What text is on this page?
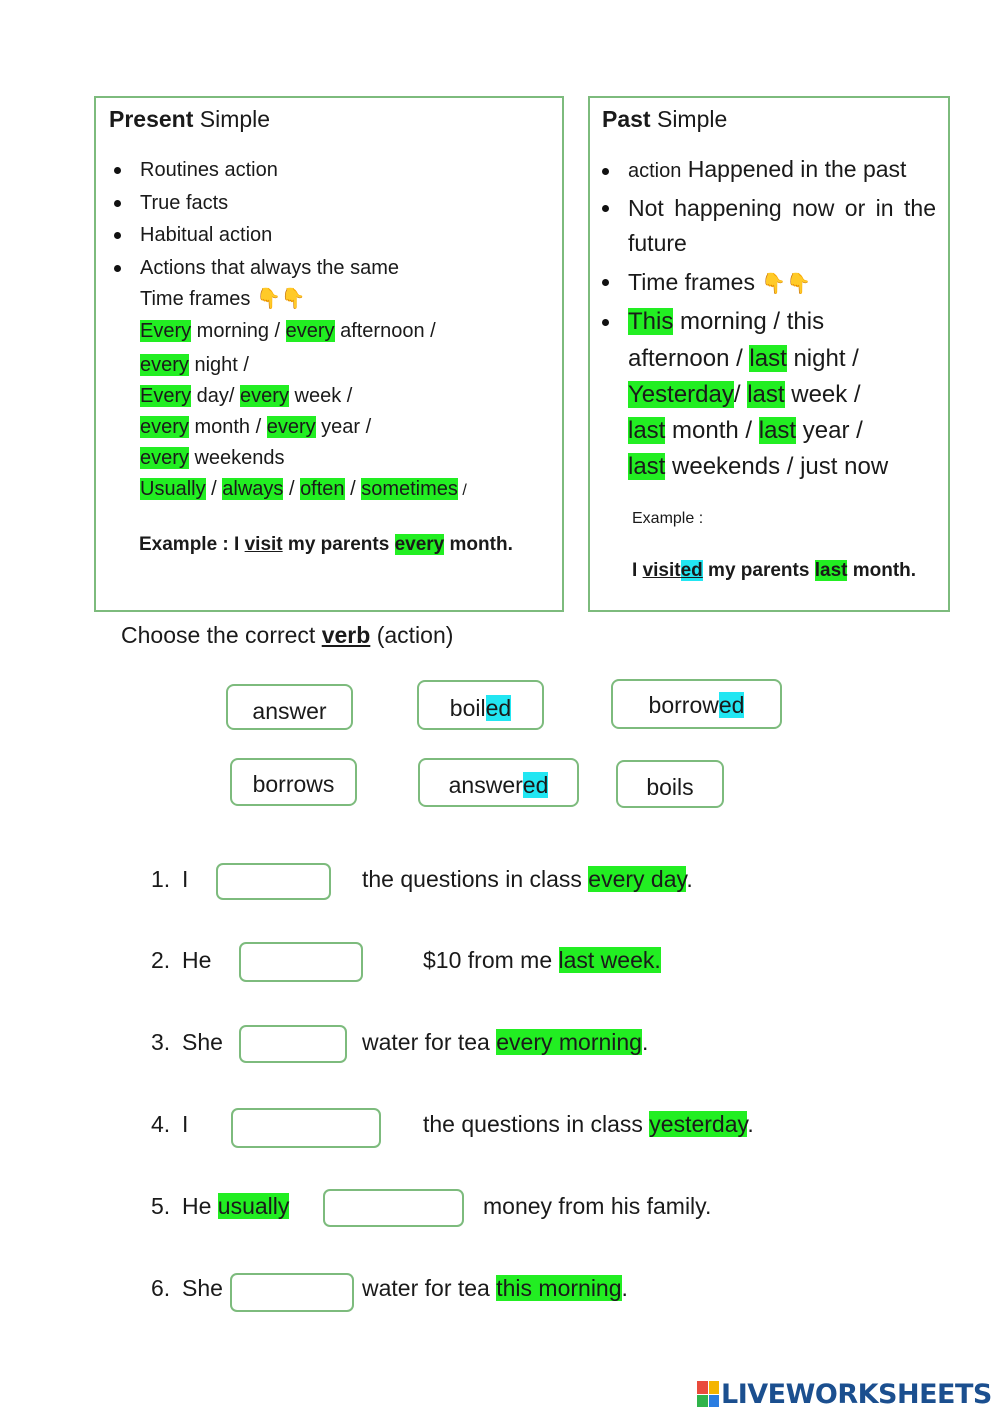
Present Simple
Routines action
True facts
Habitual action
Actions that always the same
Time frames 👇👇
Every morning / every afternoon /
every night /
Every day/ every week /
every month / every year /
every weekends
Usually / always / often / sometimes /
Example : I visit my parents every month.
Past Simple
action Happened in the past
Not happening now or in the future
Time frames 👇👇
This morning / this
afternoon / last night /
Yesterday/ last week /
last month / last year /
last weekends / just now
Example :
I visited my parents last month.
Choose the correct verb (action)
answer	boiled	borrowed
borrows	answered	boils
1. I	the questions in class every day.
2. He	$10 from me last week.
3. She	water for tea every morning.
4. I	the questions in class yesterday.
5. He usually	money from his family.
6. She	water for tea this morning.
LIVEWORKSHEETS
